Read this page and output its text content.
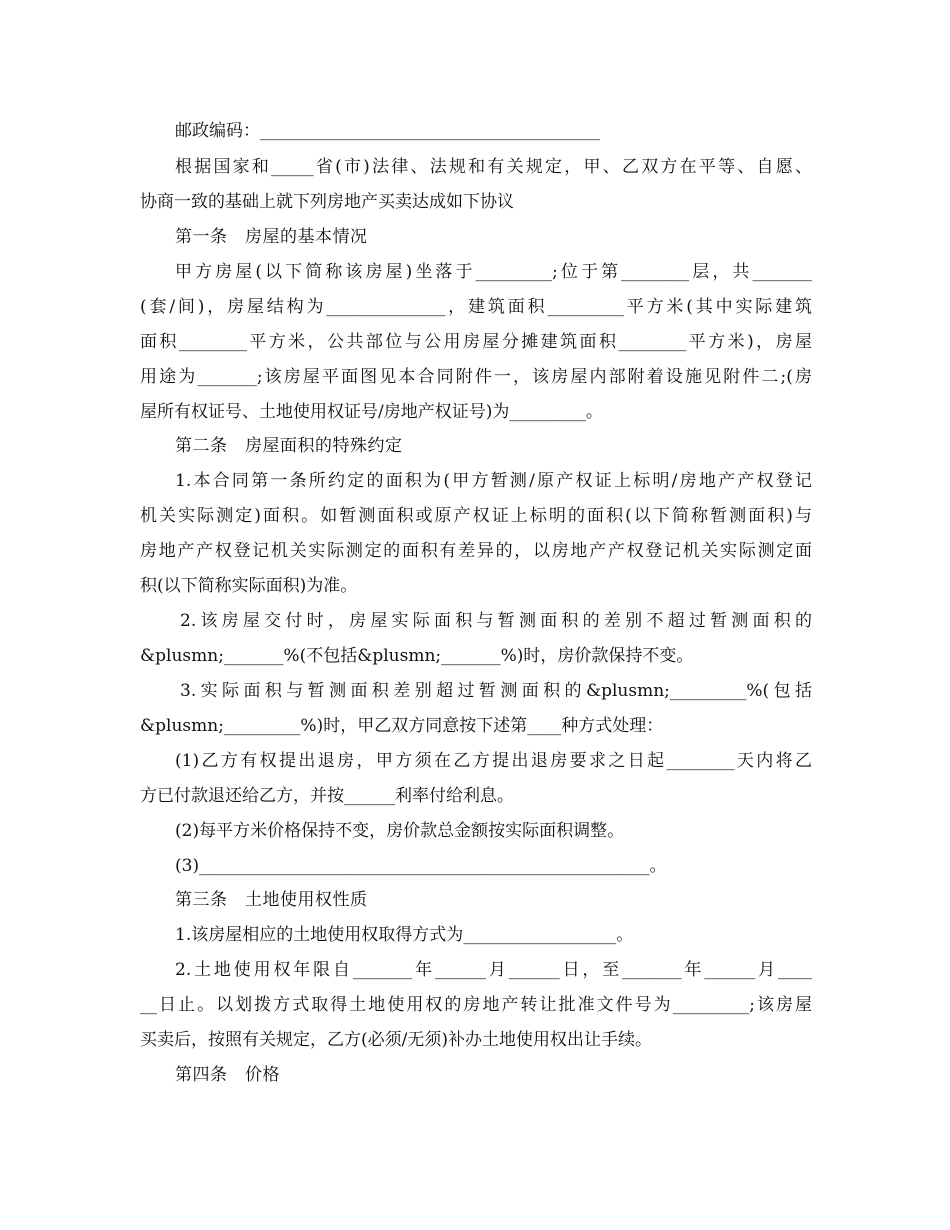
邮政编码：________________________________________
根据国家和_____省(市)法律、法规和有关规定，甲、乙双方在平等、自愿、
协商一致的基础上就下列房地产买卖达成如下协议
第一条　房屋的基本情况
甲方房屋(以下简称该房屋)坐落于_________;位于第________层，共_______
(套/间)，房屋结构为______________，建筑面积_________平方米(其中实际建筑
面积________平方米，公共部位与公用房屋分摊建筑面积________平方米)，房屋
用途为_______;该房屋平面图见本合同附件一，该房屋内部附着设施见附件二;(房
屋所有权证号、土地使用权证号/房地产权证号)为_________。
第二条　房屋面积的特殊约定
1.本合同第一条所约定的面积为(甲方暂测/原产权证上标明/房地产产权登记
机关实际测定)面积。如暂测面积或原产权证上标明的面积(以下简称暂测面积)与
房地产产权登记机关实际测定的面积有差异的，以房地产产权登记机关实际测定面
积(以下简称实际面积)为准。
2.该房屋交付时，房屋实际面积与暂测面积的差别不超过暂测面积的
&plusmn;_______%(不包括&plusmn;_______%)时，房价款保持不变。
3.实际面积与暂测面积差别超过暂测面积的&plusmn;_________%(包括
&plusmn;_________%)时，甲乙双方同意按下述第____种方式处理：
(1)乙方有权提出退房，甲方须在乙方提出退房要求之日起________天内将乙
方已付款退还给乙方，并按______利率付给利息。
(2)每平方米价格保持不变，房价款总金额按实际面积调整。
(3)_____________________________________________________。
第三条　土地使用权性质
1.该房屋相应的土地使用权取得方式为__________________。
2.土地使用权年限自_______年______月______日，至_______年______月____
__日止。以划拨方式取得土地使用权的房地产转让批准文件号为_________;该房屋
买卖后，按照有关规定，乙方(必须/无须)补办土地使用权出让手续。
第四条　价格
